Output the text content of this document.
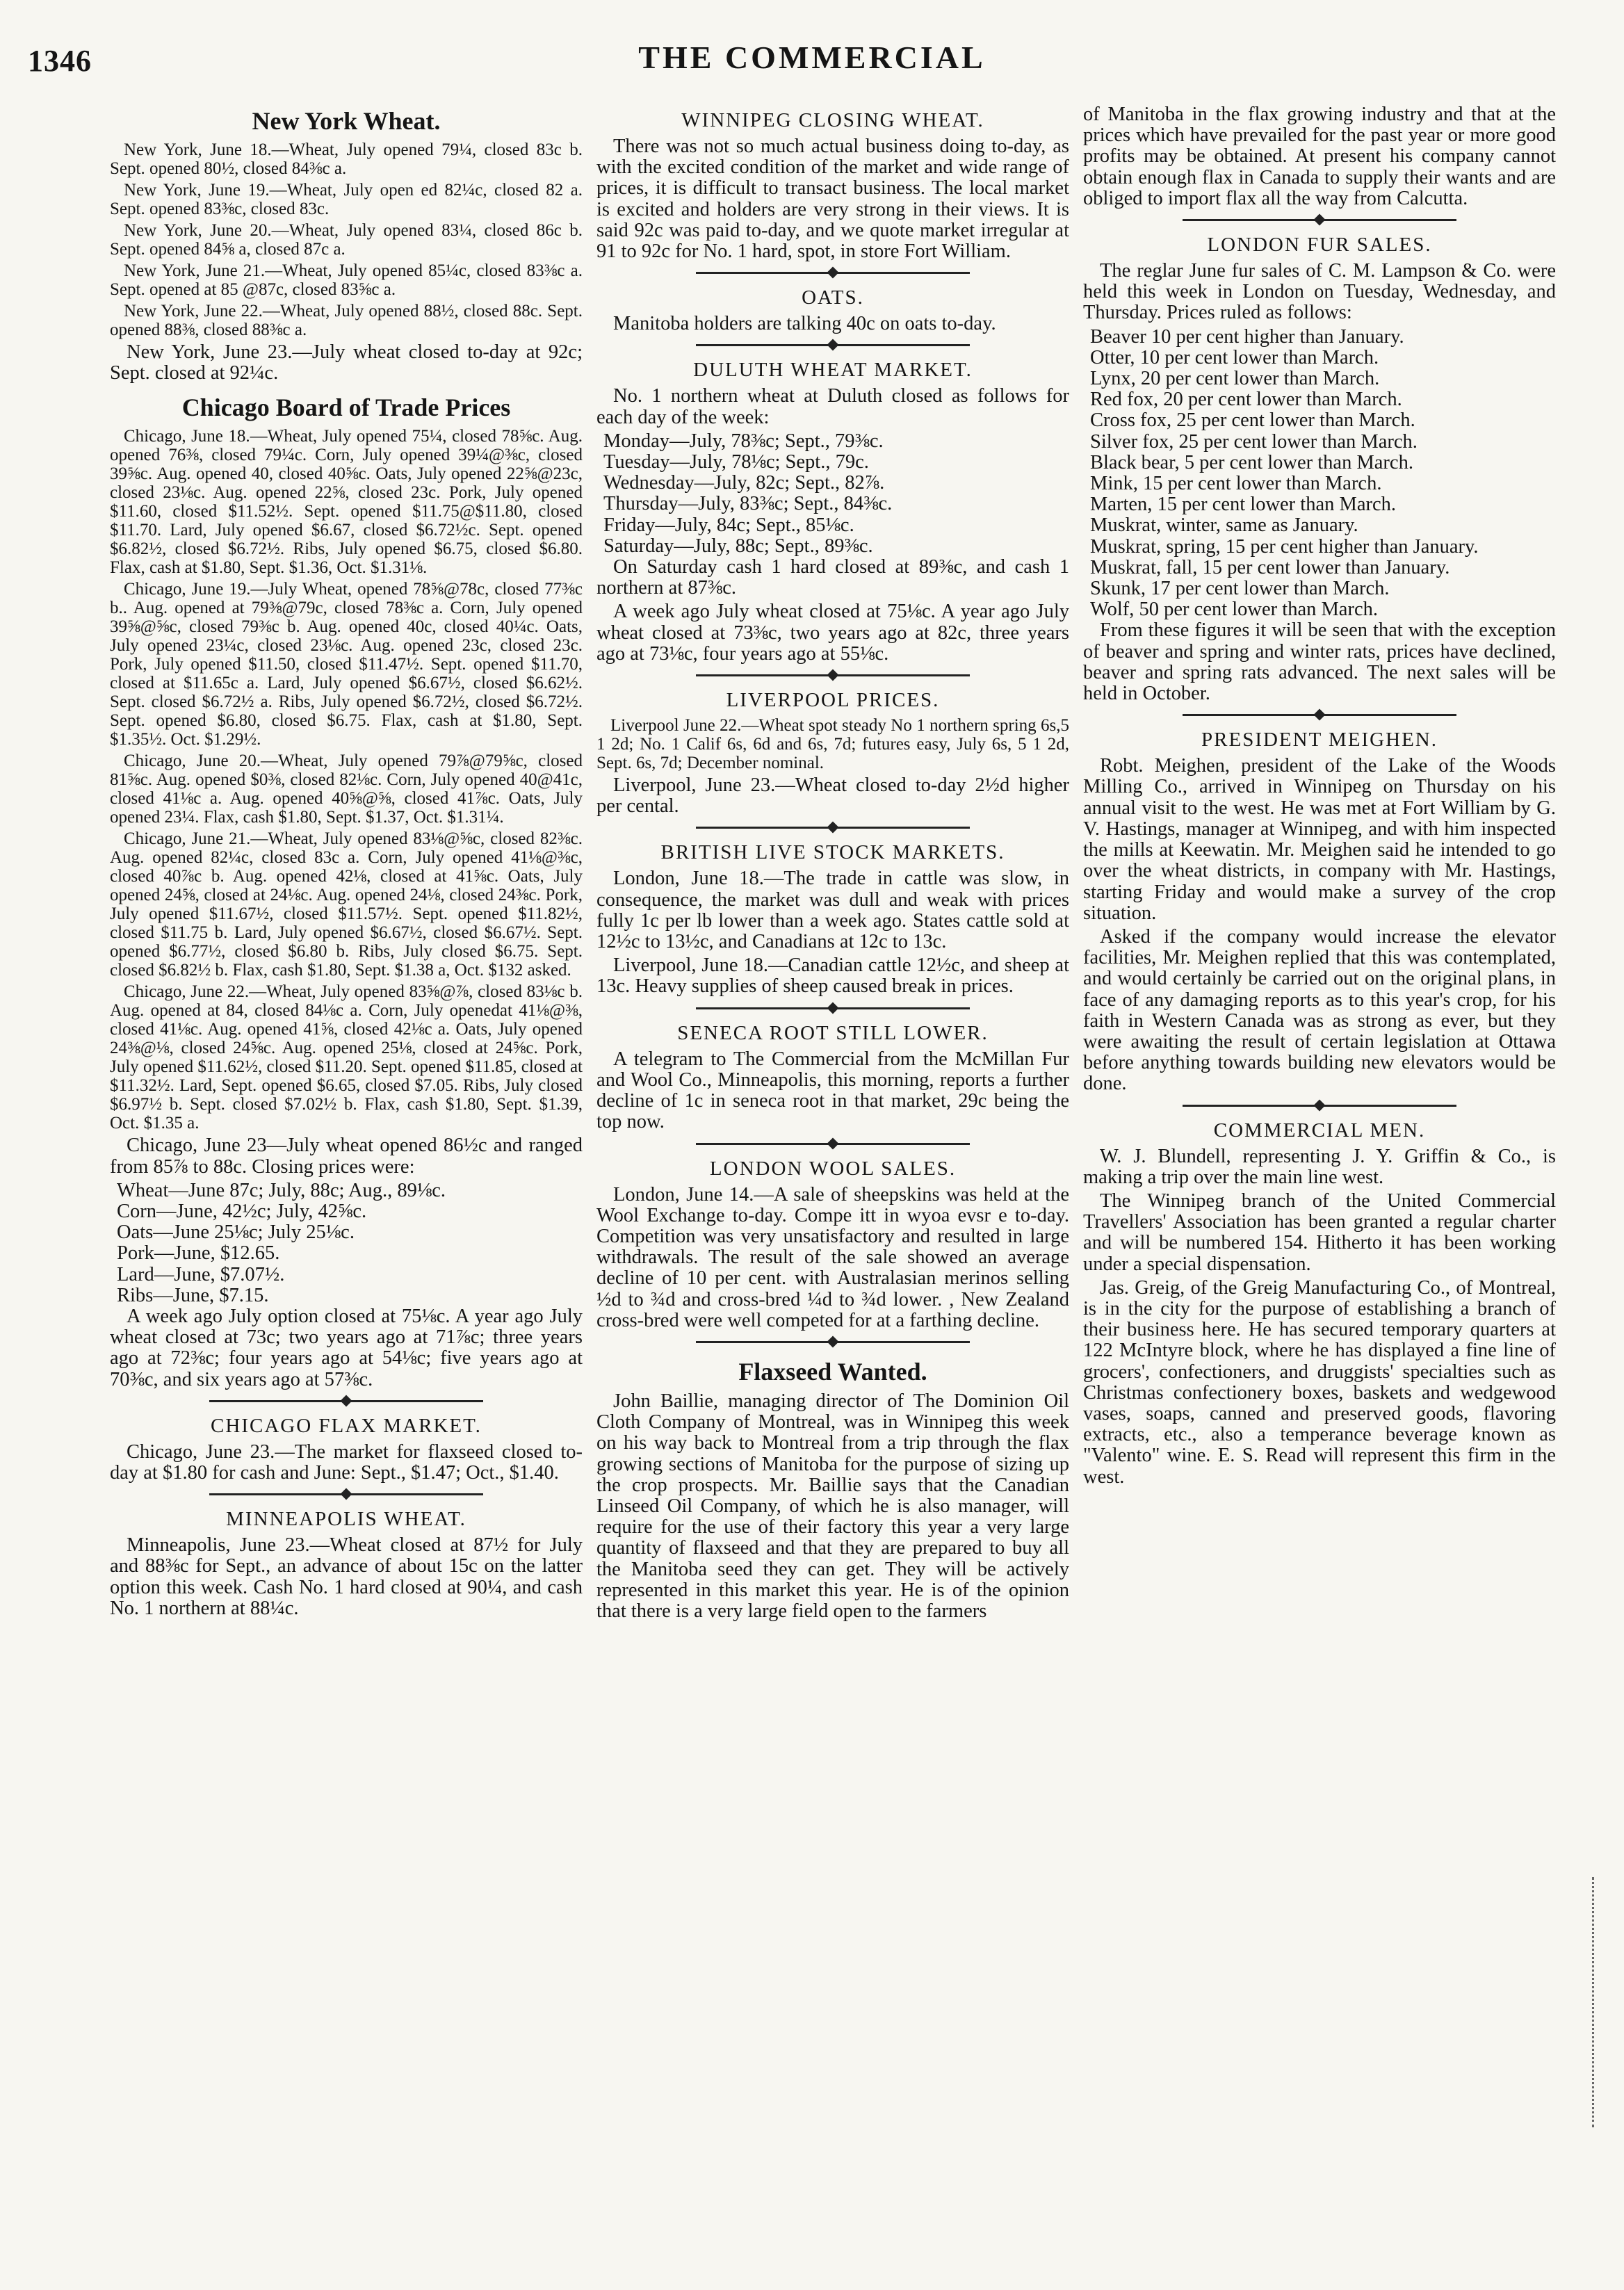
1346	THE COMMERCIAL
New York Wheat.

New York, June 18.—Wheat, July opened 79¼, closed 83c b. Sept. opened 80½, closed 84⅜c a.

New York, June 19.—Wheat, July open ed 82¼c, closed 82 a. Sept. opened 83⅜c, closed 83c.

New York, June 20.—Wheat, July opened 83¼, closed 86c b. Sept. opened 84⅝ a, closed 87c a.

New York, June 21.—Wheat, July opened 85¼c, closed 83⅜c a. Sept. opened at 85 @87c, closed 83⅝c a.

New York, June 22.—Wheat, July opened 88½, closed 88c. Sept. opened 88⅜, closed 88⅜c a.

New York, June 23.—July wheat closed to-day at 92c; Sept. closed at 92¼c.

Chicago Board of Trade Prices

Chicago, June 18.—Wheat, July opened 75¼, closed 78⅝c. Aug. opened 76⅜, closed 79¼c. Corn, July opened 39¼@⅜c, closed 39⅝c. Aug. opened 40, closed 40⅝c. Oats, July opened 22⅝@23c, closed 23⅛c. Aug. opened 22⅝, closed 23c. Pork, July opened $11.60, closed $11.52½. Sept. opened $11.75@$11.80, closed $11.70. Lard, July opened $6.67, closed $6.72½c. Sept. opened $6.82½, closed $6.72½. Ribs, July opened $6.75, closed $6.80. Flax, cash at $1.80, Sept. $1.36, Oct. $1.31⅛.

Chicago, June 19.—July Wheat, opened 78⅝@78c, closed 77⅜c b.. Aug. opened at 79⅜@79c, closed 78⅜c a. Corn, July opened 39⅝@⅝c, closed 79⅜c b. Aug. opened 40c, closed 40¼c. Oats, July opened 23¼c, closed 23⅛c. Aug. opened 23c, closed 23c. Pork, July opened $11.50, closed $11.47½. Sept. opened $11.70, closed at $11.65c a. Lard, July opened $6.67½, closed $6.62½. Sept. closed $6.72½ a. Ribs, July opened $6.72½, closed $6.72½. Sept. opened $6.80, closed $6.75. Flax, cash at $1.80, Sept. $1.35½. Oct. $1.29½.

Chicago, June 20.—Wheat, July opened 79⅞@79⅝c, closed 81⅝c. Aug. opened $0⅜, closed 82⅛c. Corn, July opened 40@41c, closed 41⅛c a. Aug. opened 40⅝@⅝, closed 41⅞c. Oats, July opened 23¼. Flax, cash $1.80, Sept. $1.37, Oct. $1.31¼.

Chicago, June 21.—Wheat, July opened 83⅛@⅝c, closed 82⅜c. Aug. opened 82¼c, closed 83c a. Corn, July opened 41⅛@⅜c, closed 40⅞c b. Aug. opened 42⅛, closed at 41⅝c. Oats, July opened 24⅝, closed at 24⅛c. Aug. opened 24⅛, closed 24⅜c. Pork, July opened $11.67½, closed $11.57½. Sept. opened $11.82½, closed $11.75 b. Lard, July opened $6.67½, closed $6.67½. Sept. opened $6.77½, closed $6.80 b. Ribs, July closed $6.75. Sept. closed $6.82½ b. Flax, cash $1.80, Sept. $1.38 a, Oct. $132 asked.

Chicago, June 22.—Wheat, July opened 83⅝@⅞, closed 83⅛c b. Aug. opened at 84, closed 84⅛c a. Corn, July openedat 41⅛@⅜, closed 41⅛c. Aug. opened 41⅝, closed 42⅛c a. Oats, July opened 24⅜@⅛, closed 24⅝c. Aug. opened 25⅛, closed at 24⅝c. Pork, July opened $11.62½, closed $11.20. Sept. opened $11.85, closed at $11.32½. Lard, Sept. opened $6.65, closed $7.05. Ribs, July closed $6.97½ b. Sept. closed $7.02½ b. Flax, cash $1.80, Sept. $1.39, Oct. $1.35 a.

Chicago, June 23—July wheat opened 86½c and ranged from 85⅞ to 88c. Closing prices were:

Wheat—June 87c; July, 88c; Aug., 89⅛c.

Corn—June, 42½c; July, 42⅝c.

Oats—June 25⅛c; July 25⅛c.

Pork—June, $12.65.

Lard—June, $7.07½.

Ribs—June, $7.15.

A week ago July option closed at 75⅛c. A year ago July wheat closed at 73c; two years ago at 71⅞c; three years ago at 72⅜c; four years ago at 54⅛c; five years ago at 70⅜c, and six years ago at 57⅜c.

CHICAGO FLAX MARKET.

Chicago, June 23.—The market for flaxseed closed to-day at $1.80 for cash and June: Sept., $1.47; Oct., $1.40.

MINNEAPOLIS WHEAT.

Minneapolis, June 23.—Wheat closed at 87½ for July and 88⅜c for Sept., an advance of about 15c on the latter option this week. Cash No. 1 hard closed at 90¼, and cash No. 1 northern at 88¼c.

WINNIPEG CLOSING WHEAT.

There was not so much actual business doing to-day, as with the excited condition of the market and wide range of prices, it is difficult to transact business. The local market is excited and holders are very strong in their views. It is said 92c was paid to-day, and we quote market irregular at 91 to 92c for No. 1 hard, spot, in store Fort William.

OATS.

Manitoba holders are talking 40c on oats to-day.

DULUTH WHEAT MARKET.

No. 1 northern wheat at Duluth closed as follows for each day of the week:

Monday—July, 78⅜c; Sept., 79⅜c.

Tuesday—July, 78⅛c; Sept., 79c.

Wednesday—July, 82c; Sept., 82⅞.

Thursday—July, 83⅜c; Sept., 84⅜c.

Friday—July, 84c; Sept., 85⅛c.

Saturday—July, 88c; Sept., 89⅜c.

On Saturday cash 1 hard closed at 89⅜c, and cash 1 northern at 87⅜c.

A week ago July wheat closed at 75⅛c. A year ago July wheat closed at 73⅜c, two years ago at 82c, three years ago at 73⅛c, four years ago at 55⅛c.

LIVERPOOL PRICES.

Liverpool June 22.—Wheat spot steady No 1 northern spring 6s,5 1 2d; No. 1 Calif 6s, 6d and 6s, 7d; futures easy, July 6s, 5 1 2d, Sept. 6s, 7d; December nominal.

Liverpool, June 23.—Wheat closed to-day 2½d higher per cental.

BRITISH LIVE STOCK MARKETS.

London, June 18.—The trade in cattle was slow, in consequence, the market was dull and weak with prices fully 1c per lb lower than a week ago. States cattle sold at 12½c to 13½c, and Canadians at 12c to 13c.

Liverpool, June 18.—Canadian cattle 12½c, and sheep at 13c. Heavy supplies of sheep caused break in prices.

SENECA ROOT STILL LOWER.

A telegram to The Commercial from the McMillan Fur and Wool Co., Minneapolis, this morning, reports a further decline of 1c in seneca root in that market, 29c being the top now.

LONDON WOOL SALES.

London, June 14.—A sale of sheepskins was held at the Wool Exchange to-day. Compe itt in wyoa evsr e to-day. Competition was very unsatisfactory and resulted in large withdrawals. The result of the sale showed an average decline of 10 per cent. with Australasian merinos selling ½d to ¾d and cross-bred ¼d to ¾d lower. , New Zealand cross-bred were well competed for at a farthing decline.

Flaxseed Wanted.

John Baillie, managing director of The Dominion Oil Cloth Company of Montreal, was in Winnipeg this week on his way back to Montreal from a trip through the flax growing sections of Manitoba for the purpose of sizing up the crop prospects. Mr. Baillie says that the Canadian Linseed Oil Company, of which he is also manager, will require for the use of their factory this year a very large quantity of flaxseed and that they are prepared to buy all the Manitoba seed they can get. They will be actively represented in this market this year. He is of the opinion that there is a very large field open to the farmers

of Manitoba in the flax growing industry and that at the prices which have prevailed for the past year or more good profits may be obtained. At present his company cannot obtain enough flax in Canada to supply their wants and are obliged to import flax all the way from Calcutta.

LONDON FUR SALES.

The reglar June fur sales of C. M. Lampson & Co. were held this week in London on Tuesday, Wednesday, and Thursday. Prices ruled as follows:

Beaver 10 per cent higher than January.

Otter, 10 per cent lower than March.

Lynx, 20 per cent lower than March.

Red fox, 20 per cent lower than March.

Cross fox, 25 per cent lower than March.

Silver fox, 25 per cent lower than March.

Black bear, 5 per cent lower than March.

Mink, 15 per cent lower than March.

Marten, 15 per cent lower than March.

Muskrat, winter, same as January.

Muskrat, spring, 15 per cent higher than January.

Muskrat, fall, 15 per cent lower than January.

Skunk, 17 per cent lower than March.

Wolf, 50 per cent lower than March.

From these figures it will be seen that with the exception of beaver and spring and winter rats, prices have declined, beaver and spring rats advanced. The next sales will be held in October.

PRESIDENT MEIGHEN.

Robt. Meighen, president of the Lake of the Woods Milling Co., arrived in Winnipeg on Thursday on his annual visit to the west. He was met at Fort William by G. V. Hastings, manager at Winnipeg, and with him inspected the mills at Keewatin. Mr. Meighen said he intended to go over the wheat districts, in company with Mr. Hastings, starting Friday and would make a survey of the crop situation.

Asked if the company would increase the elevator facilities, Mr. Meighen replied that this was contemplated, and would certainly be carried out on the original plans, in face of any damaging reports as to this year's crop, for his faith in Western Canada was as strong as ever, but they were awaiting the result of certain legislation at Ottawa before anything towards building new elevators would be done.

COMMERCIAL MEN.

W. J. Blundell, representing J. Y. Griffin & Co., is making a trip over the main line west.

The Winnipeg branch of the United Commercial Travellers' Association has been granted a regular charter and will be numbered 154. Hitherto it has been working under a special dispensation.

Jas. Greig, of the Greig Manufacturing Co., of Montreal, is in the city for the purpose of establishing a branch of their business here. He has secured temporary quarters at 122 McIntyre block, where he has displayed a fine line of grocers', confectioners, and druggists' specialties such as Christmas confectionery boxes, baskets and wedgewood vases, soaps, canned and preserved goods, flavoring extracts, etc., also a temperance beverage known as "Valento" wine. E. S. Read will represent this firm in the west.
